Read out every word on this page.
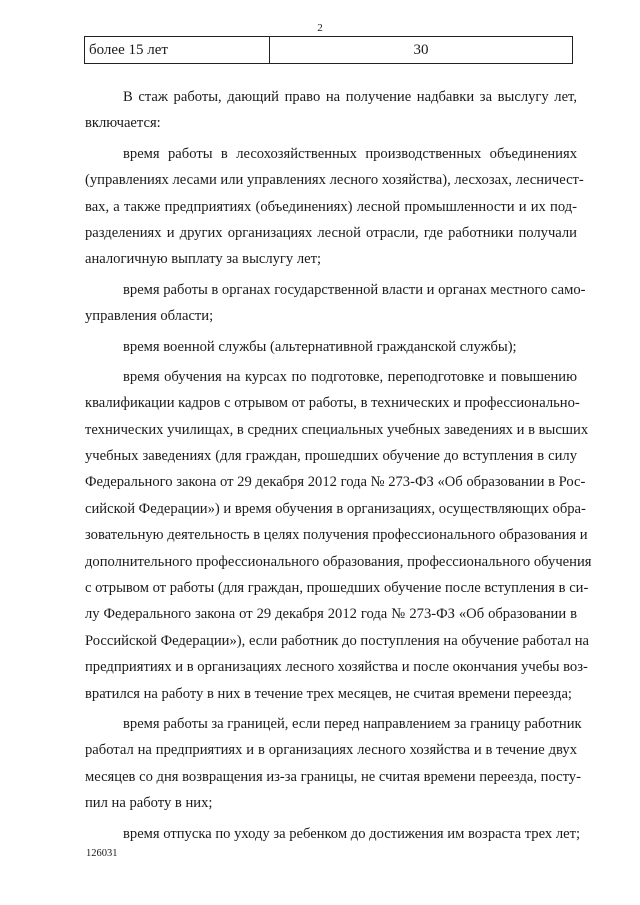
2
более 15 лет	30
В стаж работы, дающий право на получение надбавки за выслугу лет,
включается:
время работы в лесохозяйственных производственных объединениях
(управлениях лесами или управлениях лесного хозяйства), лесхозах, лесничест-
вах, а также предприятиях (объединениях) лесной промышленности и их под-
разделениях и других организациях лесной отрасли, где работники получали
аналогичную выплату за выслугу лет;
время работы в органах государственной власти и органах местного само-
управления области;
время военной службы (альтернативной гражданской службы);
время обучения на курсах по подготовке, переподготовке и повышению
квалификации кадров с отрывом от работы, в технических и профессионально-
технических училищах, в средних специальных учебных заведениях и в высших
учебных заведениях (для граждан, прошедших обучение до вступления в силу
Федерального закона от 29 декабря 2012 года № 273-ФЗ «Об образовании в Рос-
сийской Федерации») и время обучения в организациях, осуществляющих обра-
зовательную деятельность в целях получения профессионального образования и
дополнительного профессионального образования, профессионального обучения
с отрывом от работы (для граждан, прошедших обучение после вступления в си-
лу Федерального закона от 29 декабря 2012 года № 273-ФЗ «Об образовании в
Российской Федерации»), если работник до поступления на обучение работал на
предприятиях и в организациях лесного хозяйства и после окончания учебы воз-
вратился на работу в них в течение трех месяцев, не считая времени переезда;
время работы за границей, если перед направлением за границу работник
работал на предприятиях и в организациях лесного хозяйства и в течение двух
месяцев со дня возвращения из-за границы, не считая времени переезда, посту-
пил на работу в них;
время отпуска по уходу за ребенком до достижения им возраста трех лет;
126031
